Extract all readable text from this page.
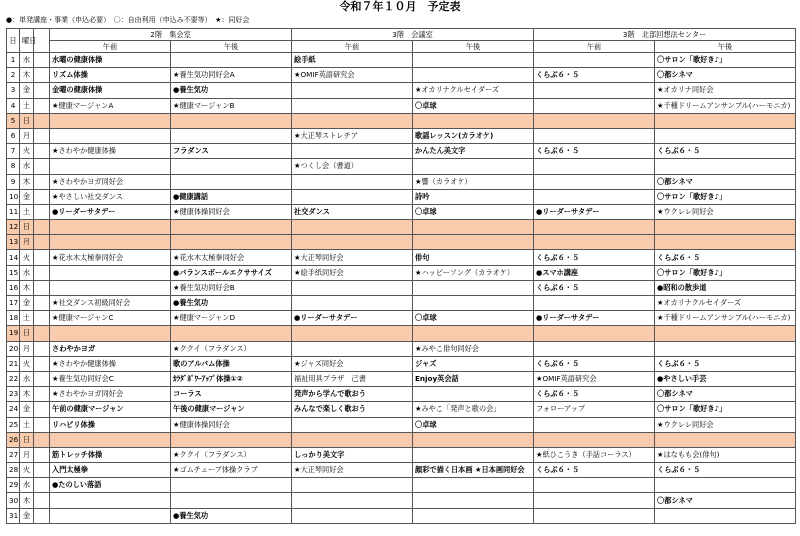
令和７年１０月　予定表
●：単発講座・事業（申込必要）　〇：自由利用（申込み不要等）　★：同好会
日	曜日		2階　集会室		3階　会議室		3階　北部回想法センター	
			午前	午後	午前	午後	午前	午後
1	水		水曜の健康体操		絵手紙			〇サロン「歌好き♪」
2	木		リズム体操	★養生気功同好会A	★OMIF英語研究会		くらぶ６・５	〇都シネマ
3	金		金曜の健康体操	●養生気功		★オカリナクルセイダーズ		★オカリナ同好会
4	土		★健康マージャンA	★健康マージャンB		〇卓球		★千種ドリームアンサンブル(ハーモニカ)
5	日							
6	月				★大正琴ストレチア	歌謡レッスン(カラオケ)		
7	火		★さわやか健康体操	フラダンス		かんたん美文字	くらぶ６・５	くらぶ６・５
8	水				★つくし会（書道）			
9	木		★さわやかヨガ同好会			★響（カラオケ）		〇都シネマ
10	金		★やさしい社交ダンス	●健康講話		詩吟		〇サロン「歌好き♪」
11	土		●リーダーサタデー	★健康体操同好会	社交ダンス	〇卓球	●リーダーサタデー	★ウクレレ同好会
12	日							
13	月							
14	火		★花水木太極拳同好会	★花水木太極拳同好会	★大正琴同好会	俳句	くらぶ６・５	くらぶ６・５
15	水			●バランスボールエクササイズ	★絵手紙同好会	★ハッピーソング（カラオケ）	●スマホ講座	〇サロン「歌好き♪」
16	木			★養生気功同好会B			くらぶ６・５	●昭和の散歩道
17	金		★社交ダンス初級同好会	●養生気功				★オカリナクルセイダーズ
18	土		★健康マージャンC	★健康マージャンD	●リーダーサタデー	〇卓球	●リーダーサタデー	★千種ドリームアンサンブル(ハーモニカ)
19	日							
20	月		さわやかヨガ	★ククイ（フラダンス）		★みやこ俳句同好会		
21	火		★さわやか健康体操	歌のアルバム体操	★ジャズ同好会	ジャズ	くらぶ６・５	くらぶ６・５
22	水		★養生気功同好会C	ｶﾗﾀﾞﾎﾟﾜｰｱｯﾌﾟ体操①②	福祉用具プラザ　己書	Enjoy英会話	★OMIF英語研究会	●やさしい手芸
23	木		★さわやかヨガ同好会	コーラス	発声から学んで歌おう		くらぶ６・５	〇都シネマ
24	金		午前の健康マージャン	午後の健康マージャン	みんなで楽しく歌おう	★みやこ「発声と歌の会」	フォローアップ	〇サロン「歌好き♪」
25	土		リハビリ体操	★健康体操同好会		〇卓球		★ウクレレ同好会
26	日							
27	月		筋トレッチ体操	★ククイ（フラダンス）	しっかり美文字		★紙ひこうき（手話コーラス）	★はなもも会(俳句)
28	火		入門太極拳	★ゴムチューブ体操クラブ	★大正琴同好会	顔彩で描く日本画 ★日本画同好会	くらぶ６・５	くらぶ６・５
29	水		●たのしい落語					
30	木							〇都シネマ
31	金			●養生気功				
